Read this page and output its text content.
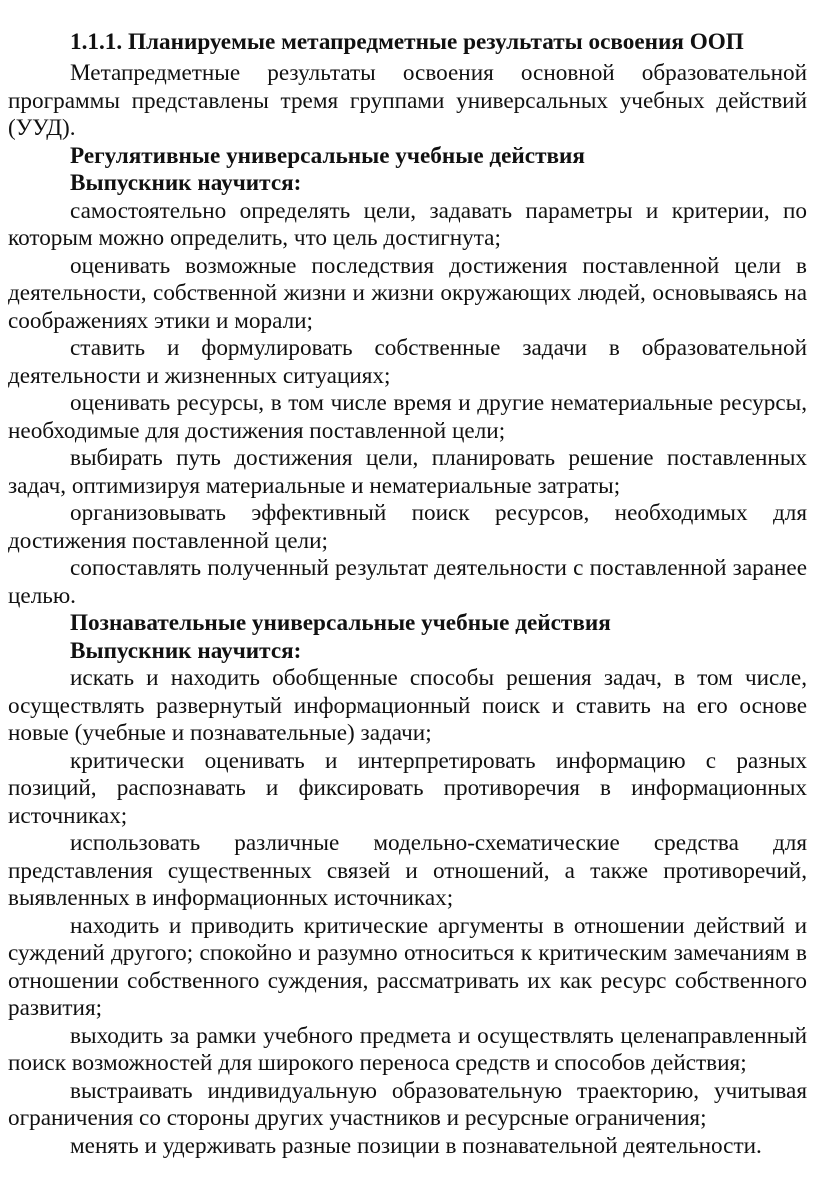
1.1.1. Планируемые метапредметные результаты освоения ООП

Метапредметные результаты освоения основной образовательной программы представлены тремя группами универсальных учебных действий (УУД).

Регулятивные универсальные учебные действия

Выпускник научится:

самостоятельно определять цели, задавать параметры и критерии, по которым можно определить, что цель достигнута;

оценивать возможные последствия достижения поставленной цели в деятельности, собственной жизни и жизни окружающих людей, основываясь на соображениях этики и морали;

ставить и формулировать собственные задачи в образовательной деятельности и жизненных ситуациях;

оценивать ресурсы, в том числе время и другие нематериальные ресурсы, необходимые для достижения поставленной цели;

выбирать путь достижения цели, планировать решение поставленных задач, оптимизируя материальные и нематериальные затраты;

организовывать эффективный поиск ресурсов, необходимых для достижения поставленной цели;

сопоставлять полученный результат деятельности с поставленной заранее целью.

Познавательные универсальные учебные действия

Выпускник научится:

искать и находить обобщенные способы решения задач, в том числе, осуществлять развернутый информационный поиск и ставить на его основе новые (учебные и познавательные) задачи;

критически оценивать и интерпретировать информацию с разных позиций, распознавать и фиксировать противоречия в информационных источниках;

использовать различные модельно-схематические средства для представления существенных связей и отношений, а также противоречий, выявленных в информационных источниках;

находить и приводить критические аргументы в отношении действий и суждений другого; спокойно и разумно относиться к критическим замечаниям в отношении собственного суждения, рассматривать их как ресурс собственного развития;

выходить за рамки учебного предмета и осуществлять целенаправленный поиск возможностей для широкого переноса средств и способов действия;

выстраивать индивидуальную образовательную траекторию, учитывая ограничения со стороны других участников и ресурсные ограничения;

менять и удерживать разные позиции в познавательной деятельности.
